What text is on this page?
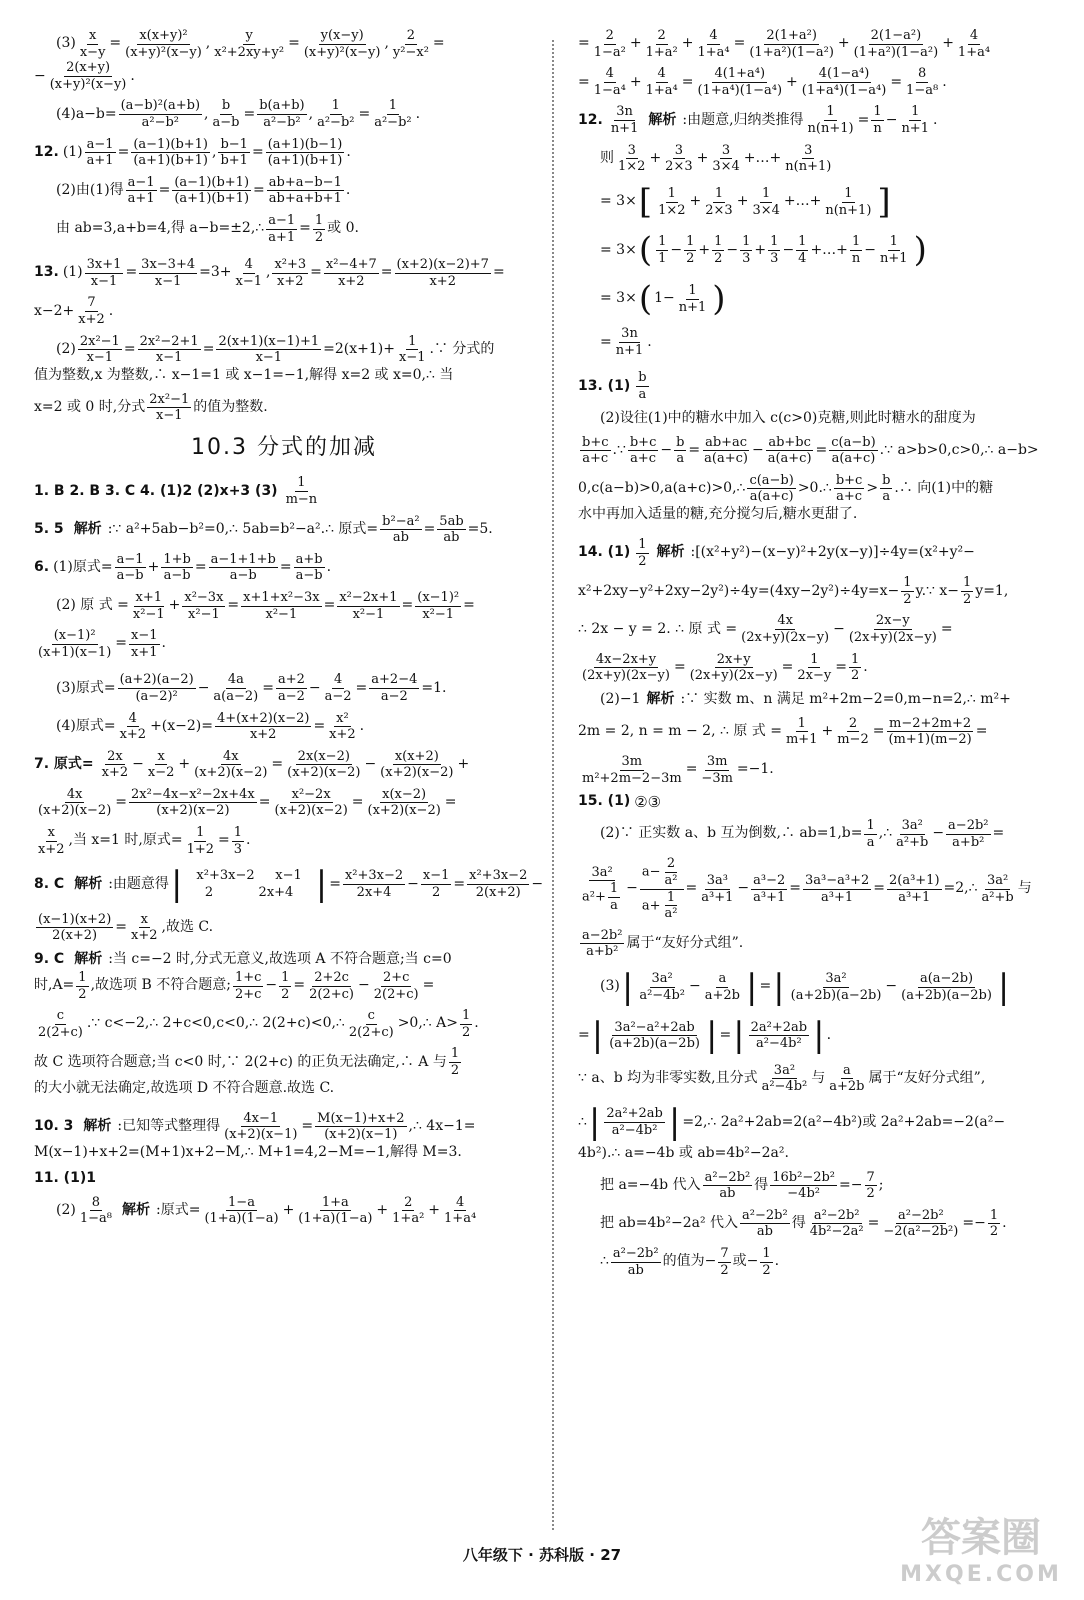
$(3) \frac{x}{x-y} = \frac{\text{x(x+y)²}}{\text{(x+y)²(x−y)}}$ , $\frac{y}{\text{x²+2xy+y²}} = \frac{y(x-y)}{\text{(x+y)²(x−y)}}$ , $\frac{2}{\text{y²−x²}}$ =
− $\frac{2(x+y)}{\text{(x+y)²(x−y)}}$ .
$(4)a-b= \frac{\text{(a−b)²(a+b)}}{\text{a²−b²}}$ , $\frac{b}{a-b} = \frac{b(a+b)}{\text{a²−b²}}$ , $\frac{1}{\text{a²−b²}} = \frac{1}{\text{a²−b²}}$ .
12. $(1) \frac{a-1}{a+1} = \frac{(a-1)(b+1)}{(a+1)(b+1)}$ , $\frac{b-1}{b+1} = \frac{(a+1)(b-1)}{(a+1)(b+1)}$ .
(2)由(1)得 $\frac{a-1}{a+1} = \frac{(a-1)(b+1)}{(a+1)(b+1)} = \frac{ab+a-b-1}{ab+a+b+1}$ .
由 ab=3,a+b=4,得 a−b=±2,∴ $\frac{a-1}{a+1} = \frac{1}{2}$ 或 0.
13. $(1) \frac{3x+1}{x-1} = \frac{3x-3+4}{x-1} =3+ \frac{4}{x-1}$ , $\frac{\text{x²+3}}{x+2} = \frac{\text{x²−4+7}}{x+2} = \frac{(x+2)(x-2)+7}{x+2}$ =
$x-2+ \frac{7}{x+2}$ .
$(2) \frac{\text{2x²−1}}{x-1} = \frac{\text{2x²−2+1}}{x-1} = \frac{2(x+1)(x-1)+1}{x-1} =2(x+1)+ \frac{1}{x-1}$ .∵ 分式的
值为整数,x 为整数,∴ x−1=1 或 x−1=−1,解得 x=2 或 x=0,∴ 当
x=2 或 0 时,分式 $\frac{\text{2x²−1}}{x-1}$ 的值为整数.
10.3 分式的加减
1. B 2. B 3. C 4. (1)2 (2)x+3 $(3) \frac{1}{m-n}$
5. 5 解析 :∵ a²+5ab−b²=0,∴ 5ab=b²−a².∴ 原式= $\frac{\text{b²−a²}}{ab} = \frac{5ab}{ab} =5$.
6. (1)原式= $\frac{a-1}{a-b} + \frac{1+b}{a-b} = \frac{a-1+1+b}{a-b} = \frac{a+b}{a-b}$ .
(2) 原 式 = $\frac{x+1}{\text{x²−1}} + \frac{\text{x²−3x}}{\text{x²−1}} = \frac{\text{x+1+x²−3x}}{\text{x²−1}} = \frac{\text{x²−2x+1}}{\text{x²−1}} = \frac{\text{(x−1)²}}{\text{x²−1}}$ =
$\frac{\text{(x−1)²}}{(x+1)(x-1)} = \frac{x-1}{x+1}$ .
(3)原式= $\frac{(a+2)(a-2)}{\text{(a−2)²}} - \frac{4a}{a(a-2)} = \frac{a+2}{a-2} - \frac{4}{a-2} = \frac{a+2-4}{a-2} =1$.
(4)原式= $\frac{4}{x+2} +(x-2)= \frac{4+(x+2)(x-2)}{x+2} = \frac{\text{x²}}{x+2}$ .
7. 原式= $\frac{2x}{x+2} - \frac{x}{x-2} + \frac{4x}{(x+2)(x-2)} = \frac{2x(x-2)}{(x+2)(x-2)} - \frac{x(x+2)}{(x+2)(x-2)}$ +
$\frac{4x}{(x+2)(x-2)} = \frac{\text{2x²−4x−x²−2x+4x}}{(x+2)(x-2)} = \frac{\text{x²−2x}}{(x+2)(x-2)} = \frac{x(x-2)}{(x+2)(x-2)}$ =
$\frac{x}{x+2}$ ,当 x=1 时,原式= $\frac{1}{1+2} = \frac{1}{3}$ .
8. C 解析 :由题意得 |	x²+3x−2     x−1
2           2x+4 | = $\frac{\text{x²+3x−2}}{2x+4} - \frac{x-1}{2} = \frac{\text{x²+3x−2}}{2(x+2)}$ −
$\frac{(x-1)(x+2)}{2(x+2)} = \frac{x}{x+2}$ ,故选 C.
9. C 解析 :当 c=−2 时,分式无意义,故选项 A 不符合题意;当 c=0
时$,A= \frac{1}{2}$ ,故选项 B 不符合题意; $\frac{1+c}{2+c} - \frac{1}{2} = \frac{2+2c}{2(2+c)} - \frac{2+c}{2(2+c)}$ =
$\frac{c}{2(2+c)}$ .∵ c<−2,∴ 2+c<0,c<0,∴ 2(2+c)<0,∴ $\frac{c}{2(2+c)}$ >0,∴ $A> \frac{1}{2}$ .
故 C 选项符合题意;当 c<0 时,∵ 2(2+c) 的正负无法确定,∴ A 与 $\frac{1}{2}$
的大小就无法确定,故选项 D 不符合题意.故选 C.
10. 3 解析 :已知等式整理得 $\frac{4x-1}{(x+2)(x-1)} = \frac{M(x-1)+x+2}{(x+2)(x-1)}$ ,∴ 4x−1=
M(x−1)+x+2=(M+1)x+2−M,∴ M+1=4,2−M=−1,解得 M=3.
11. (1)1
$(2) \frac{8}{\text{1−a⁸}}$ 解析 :原式= $\frac{1-a}{(1+a)(1-a)} + \frac{1+a}{(1+a)(1-a)} + \frac{2}{\text{1+a²}} + \frac{4}{\text{1+a⁴}}$
= $\frac{2}{\text{1−a²}} + \frac{2}{\text{1+a²}} + \frac{4}{\text{1+a⁴}} = \frac{\text{2(1+a²)}}{\text{(1+a²)(1−a²)}} + \frac{\text{2(1−a²)}}{\text{(1+a²)(1−a²)}} + \frac{4}{\text{1+a⁴}}$
= $\frac{4}{\text{1−a⁴}} + \frac{4}{\text{1+a⁴}} = \frac{\text{4(1+a⁴)}}{\text{(1+a⁴)(1−a⁴)}} + \frac{\text{4(1−a⁴)}}{\text{(1+a⁴)(1−a⁴)}} = \frac{8}{\text{1−a⁸}}$ .
12. $\frac{3n}{n+1}$ 解析 :由题意,归纳类推得 $\frac{1}{n(n+1)} = \frac{1}{n} - \frac{1}{n+1}$ .
则 $\frac{3}{1\times 2} + \frac{3}{2\times 3} + \frac{3}{3\times 4}$ +…+ $\frac{3}{n(n+1)}$
= 3× [ $\frac{1}{1\times 2} + \frac{1}{2\times 3} + \frac{1}{3\times 4}$ +…+ $\frac{1}{n(n+1)}$ ]
= 3× ( $\frac{1}{1} - \frac{1}{2} + \frac{1}{2} - \frac{1}{3} + \frac{1}{3} - \frac{1}{4}$ +…+ $\frac{1}{n} - \frac{1}{n+1}$ )
= 3× ( $1- \frac{1}{n+1}$ )
= $\frac{3n}{n+1}$ .
13. $(1) \frac{b}{a}$
(2)设往(1)中的糖水中加入 c(c>0)克糖,则此时糖水的甜度为
$\frac{b+c}{a+c}$ .∵ $\frac{b+c}{a+c} - \frac{b}{a} = \frac{ab+ac}{a(a+c)} - \frac{ab+bc}{a(a+c)} = \frac{c(a-b)}{a(a+c)}$ .∵ a>b>0,c>0,∴ a−b>
0,c(a−b)>0,a(a+c)>0,∴ $\frac{c(a-b)}{a(a+c)}$ >0.∴ $\frac{b+c}{a+c} > \frac{b}{a}$ .∴ 向(1)中的糖
水中再加入适量的糖,充分搅匀后,糖水更甜了.
14. $(1) \frac{1}{2}$ 解析 :[(x²+y²)−(x−y)²+2y(x−y)]÷4y=(x²+y²−
$x^2+2xy-y^2+2xy-2y^2)\div 4y=(4xy-2y^2)\div 4y=x- \frac{1}{2}$ y.∵ $x- \frac{1}{2} y=1$,
∴ 2x − y = 2. ∴ 原 式 = $\frac{4x}{(2x+y)(2x-y)} - \frac{2x-y}{(2x+y)(2x-y)}$ =
$\frac{4x-2x+y}{(2x+y)(2x-y)} = \frac{2x+y}{(2x+y)(2x-y)} = \frac{1}{2x-y} = \frac{1}{2}$ .
(2)−1 解析 :∵ 实数 m、n 满足 m²+2m−2=0,m−n=2,∴ m²+
2m = 2, n = m − 2, ∴ 原 式 = $\frac{1}{m+1} + \frac{2}{m-2} = \frac{m-2+2m+2}{(m+1)(m-2)}$ =
$\frac{3m}{\text{m²+2m−2−3m}} = \frac{3m}{-3m} =-1$.
15. (1) ②③
(2)∵ 正实数 a、b 互为倒数,∴ $ab=1,b= \frac{1}{a}$ ,∴ $\frac{\text{3a²}}{\text{a²+b}} - \frac{\text{a−2b²}}{\text{a+b²}}$ =
$\frac{\text{3a²}}{a^2+ \frac{1}{a}} - \frac{a- \frac{2}{\text{a²}}}{a+ \frac{1}{\text{a²}}} = \frac{\text{3a³}}{\text{a³+1}} - \frac{\text{a³−2}}{\text{a³+1}} = \frac{\text{3a³−a³+2}}{\text{a³+1}} = \frac{\text{2(a³+1)}}{\text{a³+1}}$ =2,∴ $\frac{\text{3a²}}{\text{a²+b}}$ 与
$\frac{\text{a−2b²}}{\text{a+b²}}$ 属于“友好分式组”.
(3) | $\frac{\text{3a²}}{\text{a²−4b²}} - \frac{a}{a+2b}$ | = | $\frac{\text{3a²}}{(a+2b)(a-2b)} - \frac{a(a-2b)}{(a+2b)(a-2b)}$ |
= | $\frac{\text{3a²−a²+2ab}}{(a+2b)(a-2b)}$ | = | $\frac{\text{2a²+2ab}}{\text{a²−4b²}}$ | .
∵ a、b 均为非零实数,且分式 $\frac{\text{3a²}}{\text{a²−4b²}}$ 与 $\frac{a}{a+2b}$ 属于“友好分式组”,
∴ | $\frac{\text{2a²+2ab}}{\text{a²−4b²}}$ | =2,∴ 2a²+2ab=2(a²−4b²)或 2a²+2ab=−2(a²−
4b²).∴ a=−4b 或 ab=4b²−2a².
把 a=−4b 代入 $\frac{\text{a²−2b²}}{ab}$ 得 $\frac{\text{16b²−2b²}}{\text{−4b²}} =- \frac{7}{2}$ ;
把 ab=4b²−2a² 代入 $\frac{\text{a²−2b²}}{ab}$ 得 $\frac{\text{a²−2b²}}{\text{4b²−2a²}} = \frac{\text{a²−2b²}}{\text{−2(a²−2b²)}} =- \frac{1}{2}$ .
∴ $\frac{\text{a²−2b²}}{ab}$ 的值为− $\frac{7}{2}$ 或− $\frac{1}{2}$ .
八年级下 · 苏科版 · 27	答案圈
MXQE.COM
